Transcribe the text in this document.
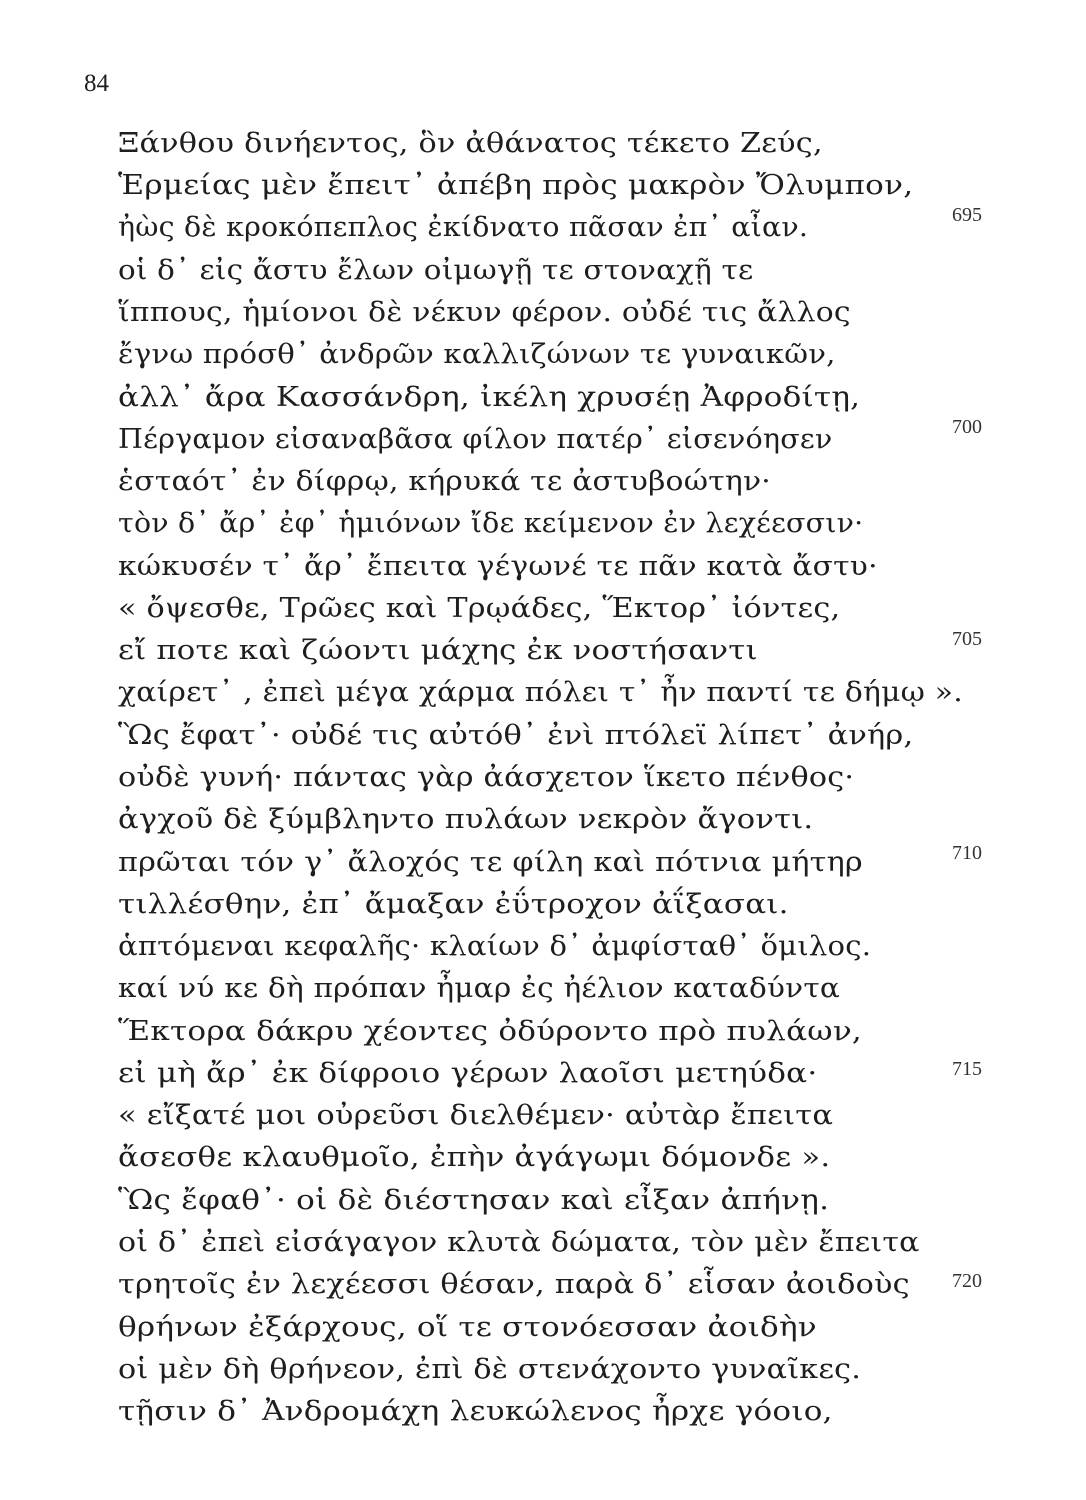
84
Ξάνθου δινήεντος, ὃν ἀθάνατος τέκετο Ζεύς,
Ἑρμείας μὲν ἔπειτ᾽ ἀπέβη πρὸς μακρὸν Ὄλυμπον,
ἠὼς δὲ κροκόπεπλος ἐκίδνατο πᾶσαν ἐπ᾽ αἶαν.
οἱ δ᾽ εἰς ἄστυ ἔλων οἰμωγῇ τε στοναχῇ τε
ἵππους, ἡμίονοι δὲ νέκυν φέρον. οὐδέ τις ἄλλος
ἔγνω πρόσθ᾽ ἀνδρῶν καλλιζώνων τε γυναικῶν,
ἀλλ᾽ ἄρα Κασσάνδρη, ἰκέλη χρυσέῃ Ἀφροδίτῃ,
Πέργαμον εἰσαναβᾶσα φίλον πατέρ᾽ εἰσενόησεν
ἑσταότ᾽ ἐν δίφρῳ, κήρυκά τε ἀστυβοώτην·
τὸν δ᾽ ἄρ᾽ ἐφ᾽ ἡμιόνων ἴδε κείμενον ἐν λεχέεσσιν·
κώκυσέν τ᾽ ἄρ᾽ ἔπειτα γέγωνέ τε πᾶν κατὰ ἄστυ·
« ὄψεσθε, Τρῶες καὶ Τρῳάδες, Ἕκτορ᾽ ἰόντες,
εἴ ποτε καὶ ζώοντι μάχης ἐκ νοστήσαντι
χαίρετ᾽ , ἐπεὶ μέγα χάρμα πόλει τ᾽ ἦν παντί τε δήμῳ ».
Ὣς ἔφατ᾽· οὐδέ τις αὐτόθ᾽ ἐνὶ πτόλεϊ λίπετ᾽ ἀνήρ,
οὐδὲ γυνή· πάντας γὰρ ἀάσχετον ἵκετο πένθος·
ἀγχοῦ δὲ ξύμβληντο πυλάων νεκρὸν ἄγοντι.
πρῶται τόν γ᾽ ἄλοχός τε φίλη καὶ πότνια μήτηρ
τιλλέσθην, ἐπ᾽ ἄμαξαν ἐΰτροχον ἀΐξασαι.
ἁπτόμεναι κεφαλῆς· κλαίων δ᾽ ἀμφίσταθ᾽ ὅμιλος.
καί νύ κε δὴ πρόπαν ἦμαρ ἐς ἠέλιον καταδύντα
Ἕκτορα δάκρυ χέοντες ὀδύροντο πρὸ πυλάων,
εἰ μὴ ἄρ᾽ ἐκ δίφροιο γέρων λαοῖσι μετηύδα·
« εἴξατέ μοι οὐρεῦσι διελθέμεν· αὐτὰρ ἔπειτα
ἄσεσθε κλαυθμοῖο, ἐπὴν ἀγάγωμι δόμονδε ».
Ὣς ἔφαθ᾽· οἱ δὲ διέστησαν καὶ εἶξαν ἀπήνῃ.
οἱ δ᾽ ἐπεὶ εἰσάγαγον κλυτὰ δώματα, τὸν μὲν ἔπειτα
τρητοῖς ἐν λεχέεσσι θέσαν, παρὰ δ᾽ εἷσαν ἀοιδοὺς
θρήνων ἐξάρχους, οἵ τε στονόεσσαν ἀοιδὴν
οἱ μὲν δὴ θρήνεον, ἐπὶ δὲ στενάχοντο γυναῖκες.
τῇσιν δ᾽ Ἀνδρομάχη λευκώλενος ἦρχε γόοιο,
695
700
705
710
715
720
